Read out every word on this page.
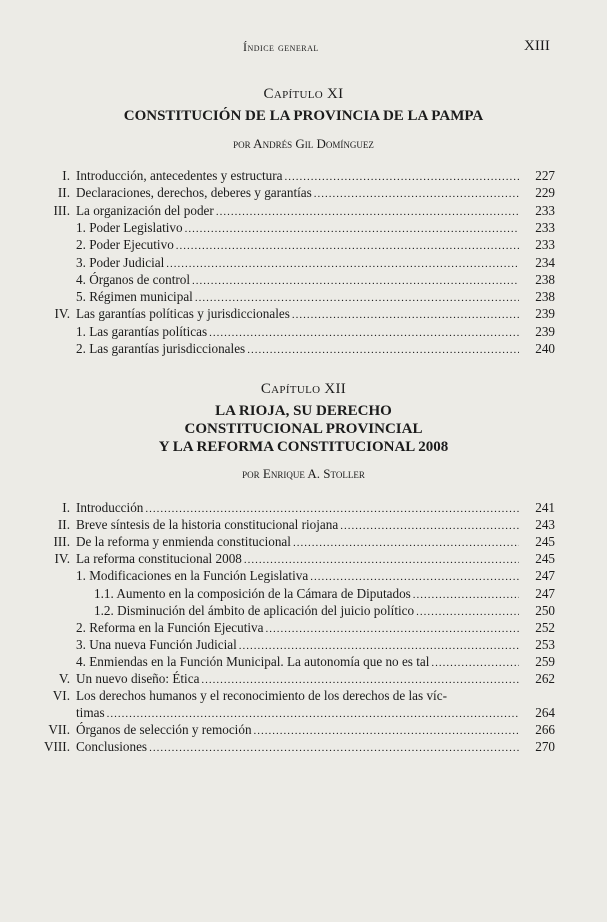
Índice general	XIII
Capítulo XI
CONSTITUCIÓN DE LA PROVINCIA DE LA PAMPA
por Andrés Gil Domínguez
I. Introducción, antecedentes y estructura .....	227
II. Declaraciones, derechos, deberes y garantías .....	229
III. La organización del poder .....	233
1. Poder Legislativo .....	233
2. Poder Ejecutivo .....	233
3. Poder Judicial .....	234
4. Órganos de control .....	238
5. Régimen municipal .....	238
IV. Las garantías políticas y jurisdiccionales .....	239
1. Las garantías políticas .....	239
2. Las garantías jurisdiccionales .....	240
Capítulo XII
LA RIOJA, SU DERECHO
CONSTITUCIONAL PROVINCIAL
Y LA REFORMA CONSTITUCIONAL 2008
por Enrique A. Stoller
I. Introducción .....	241
II. Breve síntesis de la historia constitucional riojana .....	243
III. De la reforma y enmienda constitucional .....	245
IV. La reforma constitucional 2008 .....	245
1. Modificaciones en la Función Legislativa .....	247
1.1. Aumento en la composición de la Cámara de Diputados .....	247
1.2. Disminución del ámbito de aplicación del juicio político .....	250
2. Reforma en la Función Ejecutiva .....	252
3. Una nueva Función Judicial .....	253
4. Enmiendas en la Función Municipal. La autonomía que no es tal .....	259
V. Un nuevo diseño: Ética .....	262
VI. Los derechos humanos y el reconocimiento de los derechos de las víc-
timas .....	264
VII. Órganos de selección y remoción .....	266
VIII. Conclusiones .....	270
